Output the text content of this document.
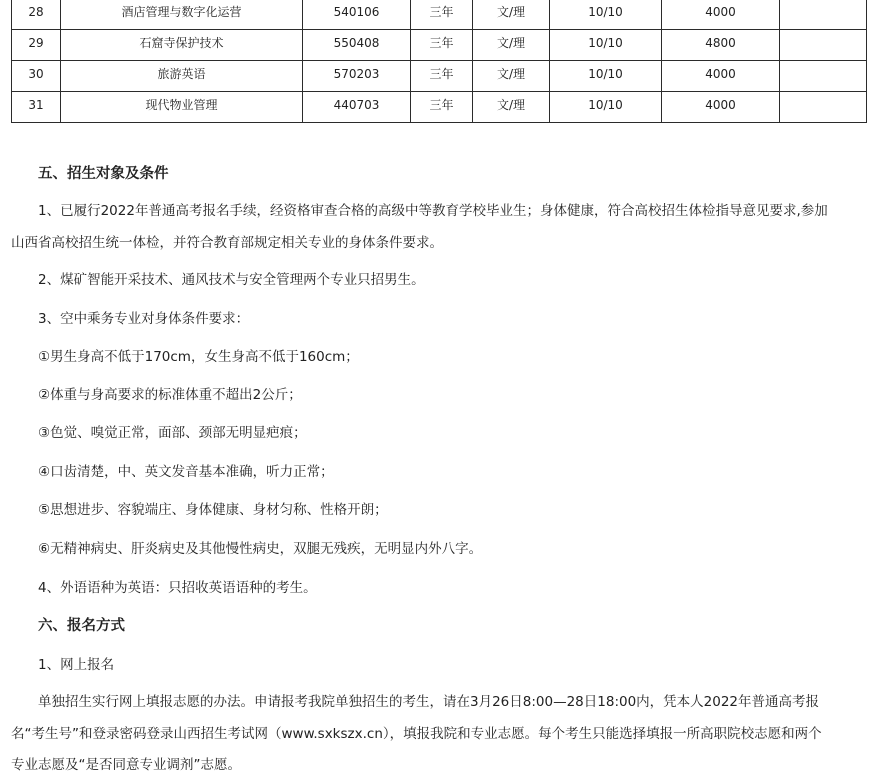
28	酒店管理与数字化运营	540106	三年	文/理	10/10	4000	
29	石窟寺保护技术	550408	三年	文/理	10/10	4800	
30	旅游英语	570203	三年	文/理	10/10	4000	
31	现代物业管理	440703	三年	文/理	10/10	4000	
五、招生对象及条件
1、已履行2022年普通高考报名手续，经资格审查合格的高级中等教育学校毕业生；身体健康，符合高校招生体检指导意见要求,参加
山西省高校招生统一体检，并符合教育部规定相关专业的身体条件要求。
2、煤矿智能开采技术、通风技术与安全管理两个专业只招男生。
3、空中乘务专业对身体条件要求：
①男生身高不低于170cm，女生身高不低于160cm；
②体重与身高要求的标准体重不超出2公斤；
③色觉、嗅觉正常，面部、颈部无明显疤痕；
④口齿清楚，中、英文发音基本准确，听力正常；
⑤思想进步、容貌端庄、身体健康、身材匀称、性格开朗；
⑥无精神病史、肝炎病史及其他慢性病史，双腿无残疾，无明显内外八字。
4、外语语种为英语：只招收英语语种的考生。
六、报名方式
1、网上报名
单独招生实行网上填报志愿的办法。申请报考我院单独招生的考生，请在3月26日8:00—28日18:00内，凭本人2022年普通高考报
名“考生号”和登录密码登录山西招生考试网（www.sxkszx.cn），填报我院和专业志愿。每个考生只能选择填报一所高职院校志愿和两个
专业志愿及“是否同意专业调剂”志愿。
